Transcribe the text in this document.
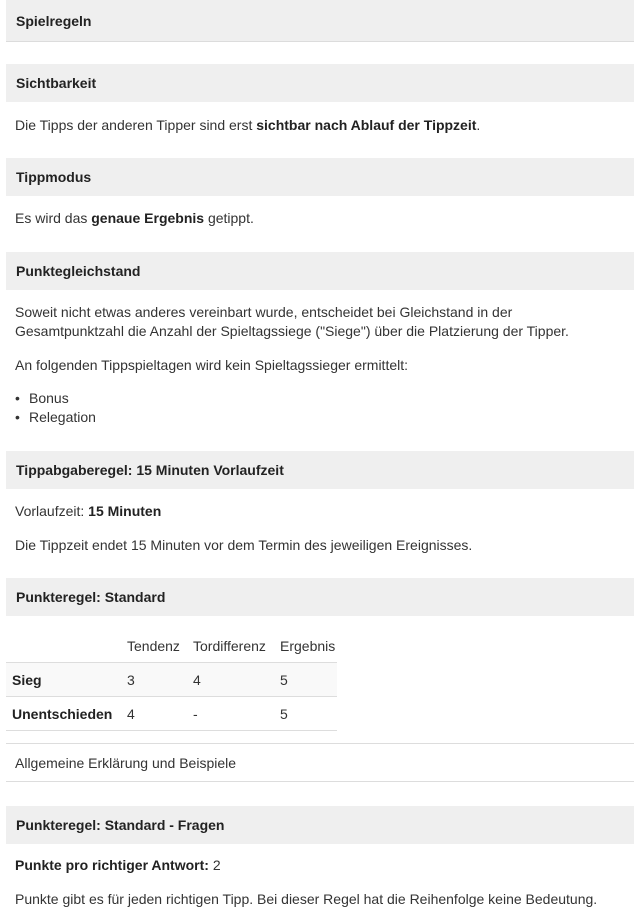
Spielregeln
Sichtbarkeit
Die Tipps der anderen Tipper sind erst sichtbar nach Ablauf der Tippzeit.
Tippmodus
Es wird das genaue Ergebnis getippt.
Punktegleichstand
Soweit nicht etwas anderes vereinbart wurde, entscheidet bei Gleichstand in der
Gesamtpunktzahl die Anzahl der Spieltagssiege ("Siege") über die Platzierung der Tipper.
An folgenden Tippspieltagen wird kein Spieltagssieger ermittelt:
• Bonus
• Relegation
Tippabgaberegel: 15 Minuten Vorlaufzeit
Vorlaufzeit: 15 Minuten
Die Tippzeit endet 15 Minuten vor dem Termin des jeweiligen Ereignisses.
Punkteregel: Standard
	Tendenz	Tordifferenz	Ergebnis
Sieg	3	4	5
Unentschieden	4	-	5
Allgemeine Erklärung und Beispiele
Punkteregel: Standard - Fragen
Punkte pro richtiger Antwort: 2
Punkte gibt es für jeden richtigen Tipp. Bei dieser Regel hat die Reihenfolge keine Bedeutung.
